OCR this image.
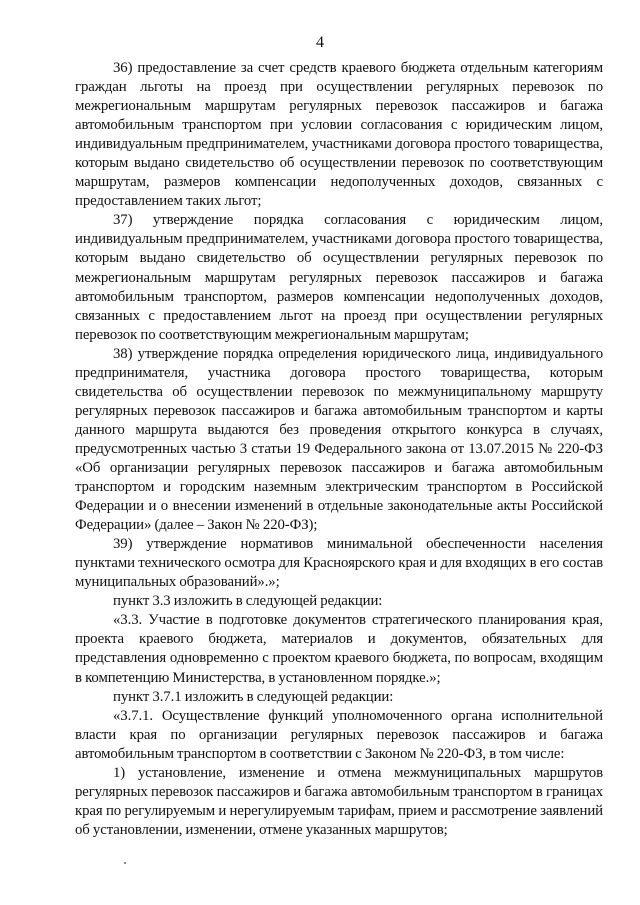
4

36) предоставление за счет средств краевого бюджета отдельным категориям граждан льготы на проезд при осуществлении регулярных перевозок по межрегиональным маршрутам регулярных перевозок пассажиров и багажа автомобильным транспортом при условии согласования с юридическим лицом, индивидуальным предпринимателем, участниками договора простого товарищества, которым выдано свидетельство об осуществлении перевозок по соответствующим маршрутам, размеров компенсации недополученных доходов, связанных с предоставлением таких льгот;

37) утверждение порядка согласования с юридическим лицом, индивидуальным предпринимателем, участниками договора простого товарищества, которым выдано свидетельство об осуществлении регулярных перевозок по межрегиональным маршрутам регулярных перевозок пассажиров и багажа автомобильным транспортом, размеров компенсации недополученных доходов, связанных с предоставлением льгот на проезд при осуществлении регулярных перевозок по соответствующим межрегиональным маршрутам;

38) утверждение порядка определения юридического лица, индивидуального предпринимателя, участника договора простого товарищества, которым свидетельства об осуществлении перевозок по межмуниципальному маршруту регулярных перевозок пассажиров и багажа автомобильным транспортом и карты данного маршрута выдаются без проведения открытого конкурса в случаях, предусмотренных частью 3 статьи 19 Федерального закона от 13.07.2015 № 220-ФЗ «Об организации регулярных перевозок пассажиров и багажа автомобильным транспортом и городским наземным электрическим транспортом в Российской Федерации и о внесении изменений в отдельные законодательные акты Российской Федерации» (далее – Закон № 220-ФЗ);

39) утверждение нормативов минимальной обеспеченности населения пунктами технического осмотра для Красноярского края и для входящих в его состав муниципальных образований».»;

пункт 3.3 изложить в следующей редакции:

«3.3. Участие в подготовке документов стратегического планирования края, проекта краевого бюджета, материалов и документов, обязательных для представления одновременно с проектом краевого бюджета, по вопросам, входящим в компетенцию Министерства, в установленном порядке.»;

пункт 3.7.1 изложить в следующей редакции:

«3.7.1. Осуществление функций уполномоченного органа исполнительной власти края по организации регулярных перевозок пассажиров и багажа автомобильным транспортом в соответствии с Законом № 220-ФЗ, в том числе:

1) установление, изменение и отмена межмуниципальных маршрутов регулярных перевозок пассажиров и багажа автомобильным транспортом в границах края по регулируемым и нерегулируемым тарифам, прием и рассмотрение заявлений об установлении, изменении, отмене указанных маршрутов;
